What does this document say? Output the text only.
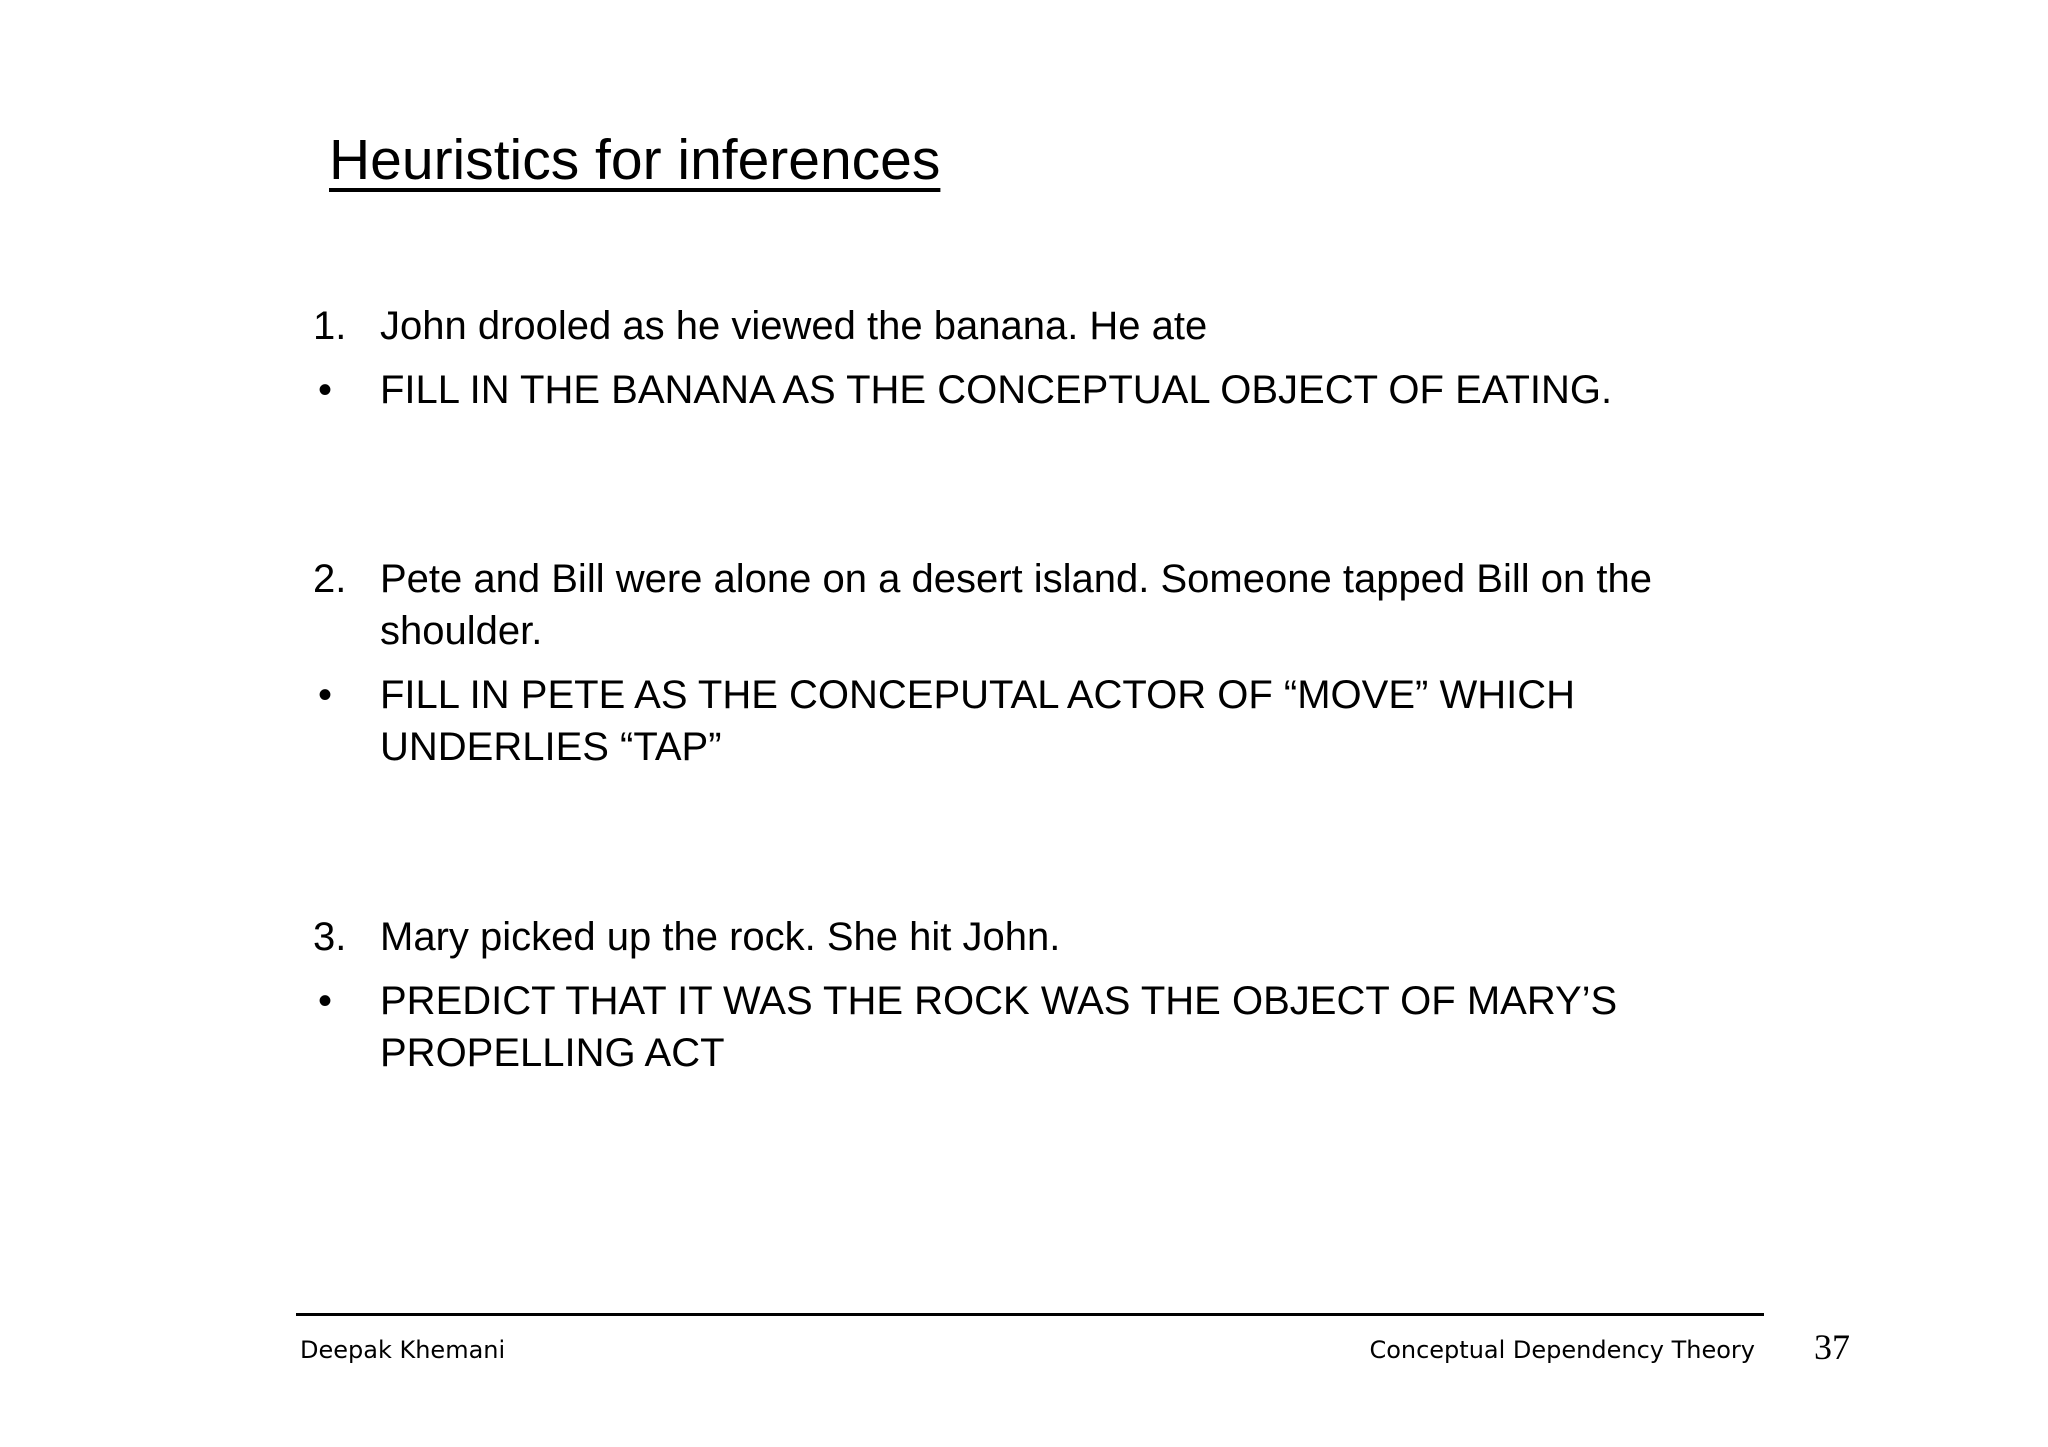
Heuristics for inferences
1. John drooled as he viewed the banana. He ate
• FILL IN THE BANANA AS THE CONCEPTUAL OBJECT OF EATING.
2. Pete and Bill were alone on a desert island. Someone tapped Bill on the
shoulder.
• FILL IN PETE AS THE CONCEPUTAL ACTOR OF “MOVE” WHICH
UNDERLIES “TAP”
3. Mary picked up the rock. She hit John.
• PREDICT THAT IT WAS THE ROCK WAS THE OBJECT OF MARY’S
PROPELLING ACT
Deepak Khemani	Conceptual Dependency Theory 37
